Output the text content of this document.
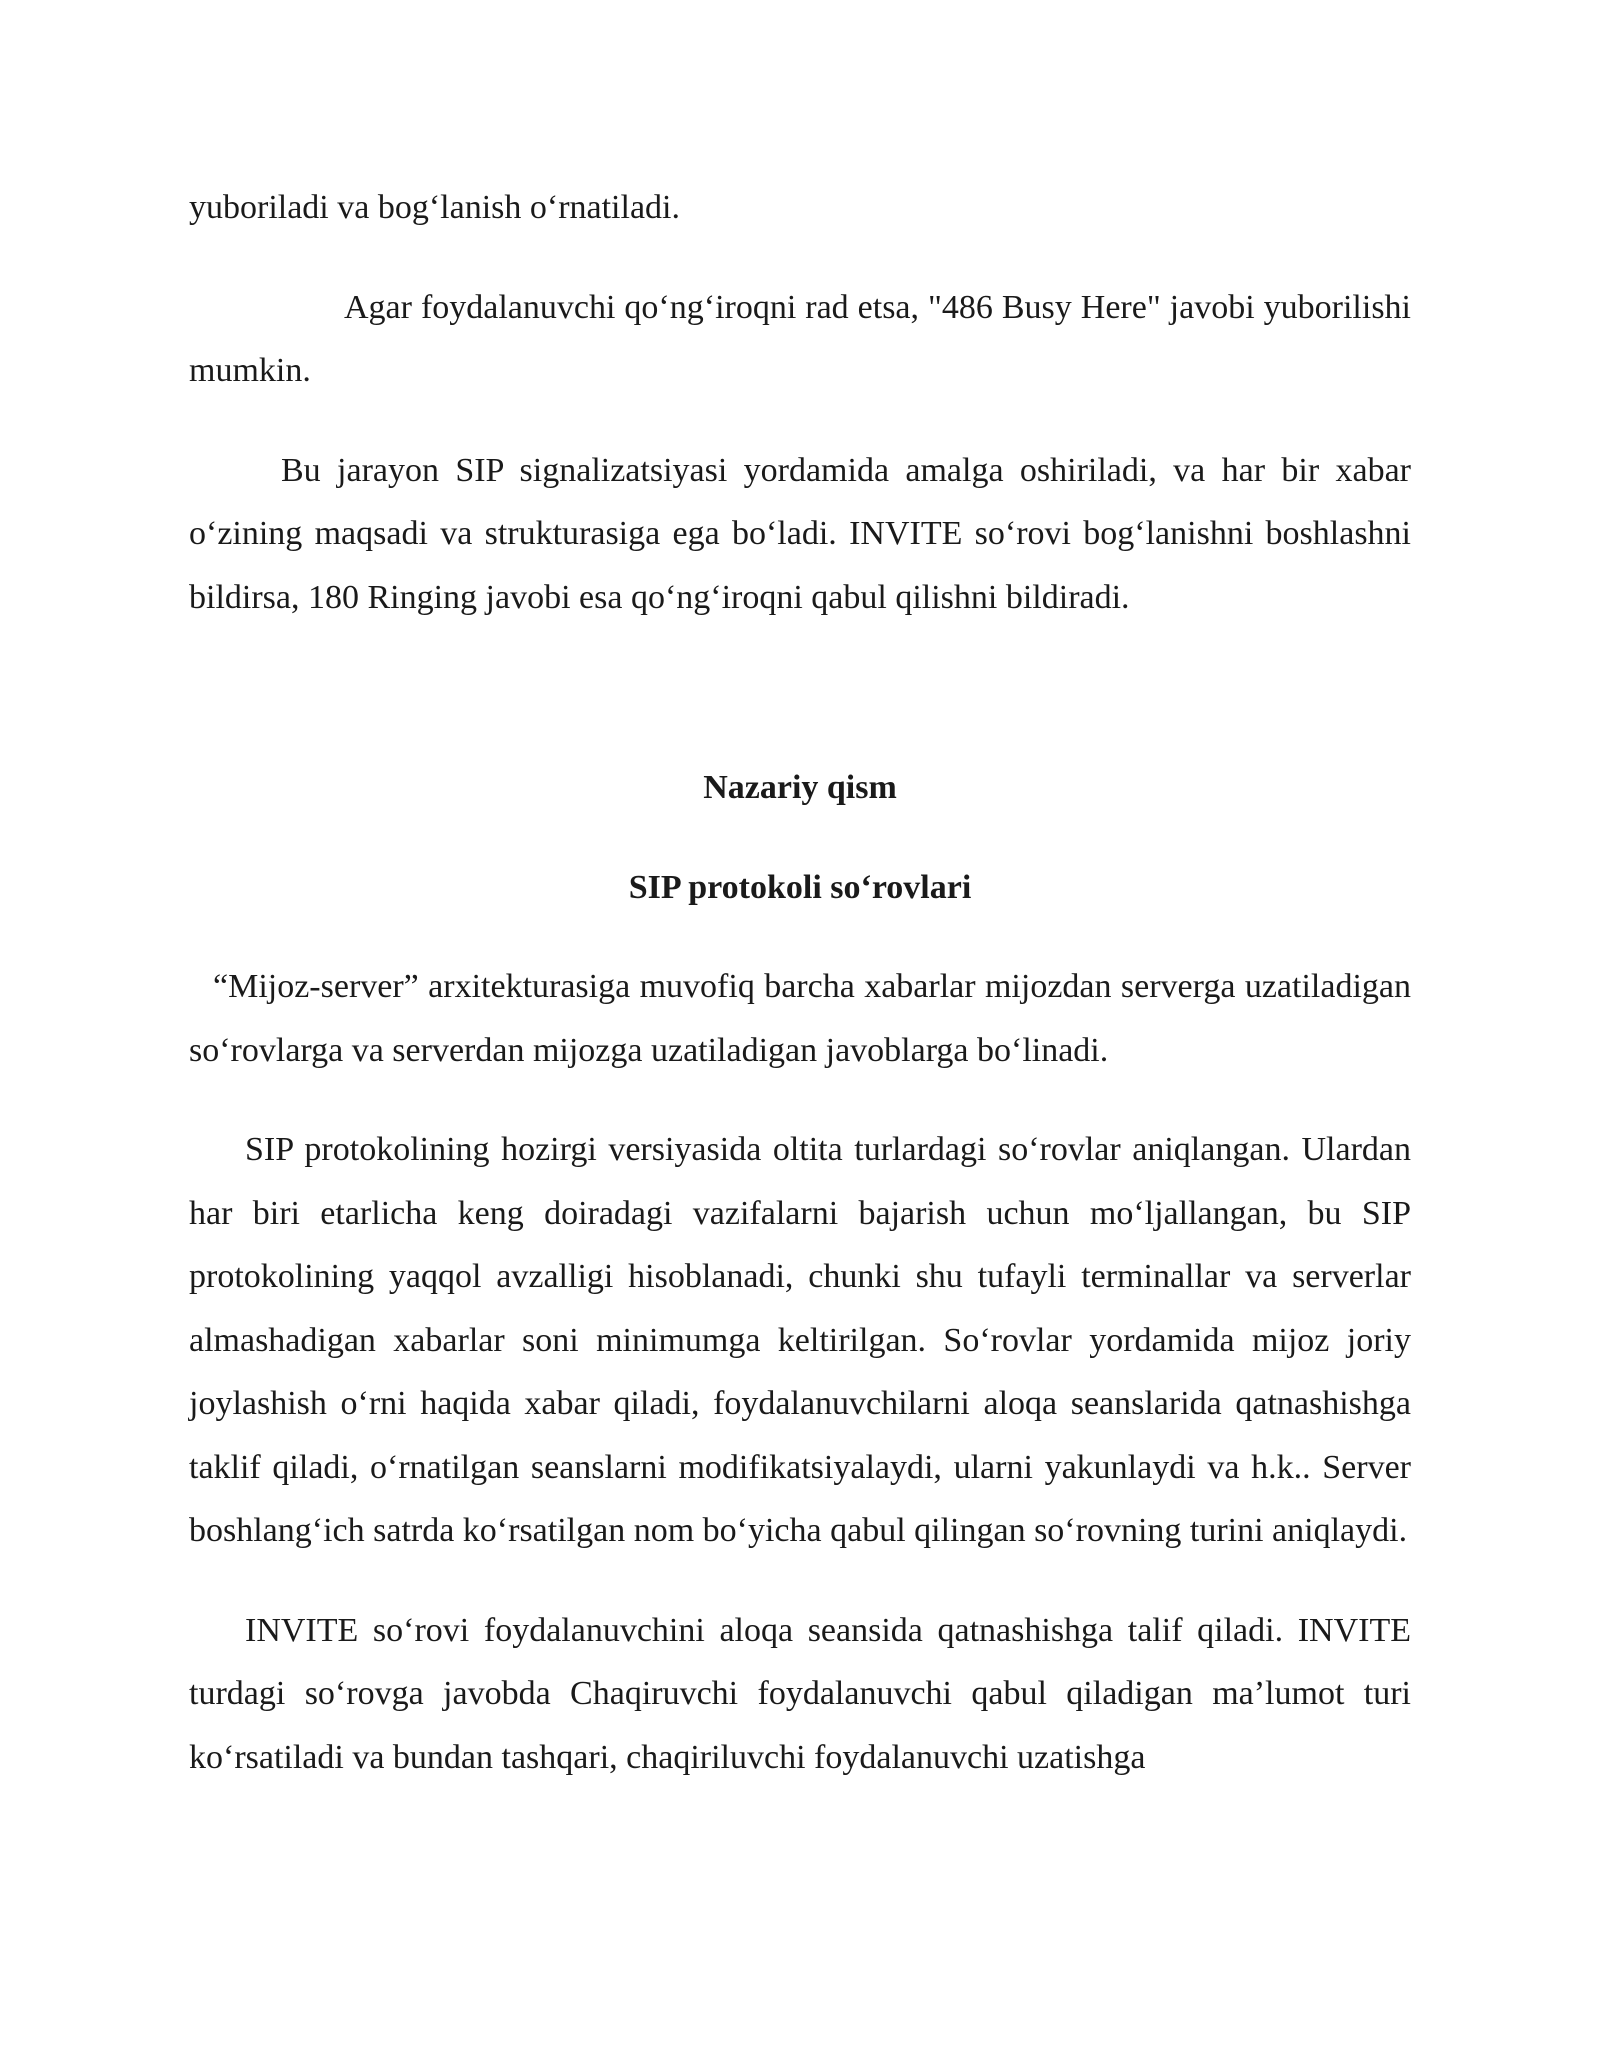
yuboriladi va bog‘lanish o‘rnatiladi.

Agar foydalanuvchi qo‘ng‘iroqni rad etsa, "486 Busy Here" javobi yuborilishi mumkin.

Bu jarayon SIP signalizatsiyasi yordamida amalga oshiriladi, va har bir xabar o‘zining maqsadi va strukturasiga ega bo‘ladi. INVITE so‘rovi bog‘lanishni boshlashni bildirsa, 180 Ringing javobi esa qo‘ng‘iroqni qabul qilishni bildiradi.

Nazariy qism

SIP protokoli so‘rovlari

“Mijoz-server” arxitekturasiga muvofiq barcha xabarlar mijozdan serverga uzatiladigan so‘rovlarga va serverdan mijozga uzatiladigan javoblarga bo‘linadi.

SIP protokolining hozirgi versiyasida oltita turlardagi so‘rovlar aniqlangan. Ulardan har biri etarlicha keng doiradagi vazifalarni bajarish uchun mo‘ljallangan, bu SIP protokolining yaqqol avzalligi hisoblanadi, chunki shu tufayli terminallar va serverlar almashadigan xabarlar soni minimumga keltirilgan. So‘rovlar yordamida mijoz joriy joylashish o‘rni haqida xabar qiladi, foydalanuvchilarni aloqa seanslarida qatnashishga taklif qiladi, o‘rnatilgan seanslarni modifikatsiyalaydi, ularni yakunlaydi va h.k.. Server boshlang‘ich satrda ko‘rsatilgan nom bo‘yicha qabul qilingan so‘rovning turini aniqlaydi.

INVITE so‘rovi foydalanuvchini aloqa seansida qatnashishga talif qiladi. INVITE turdagi so‘rovga javobda Chaqiruvchi foydalanuvchi qabul qiladigan ma’lumot turi ko‘rsatiladi va bundan tashqari, chaqiriluvchi foydalanuvchi uzatishga
